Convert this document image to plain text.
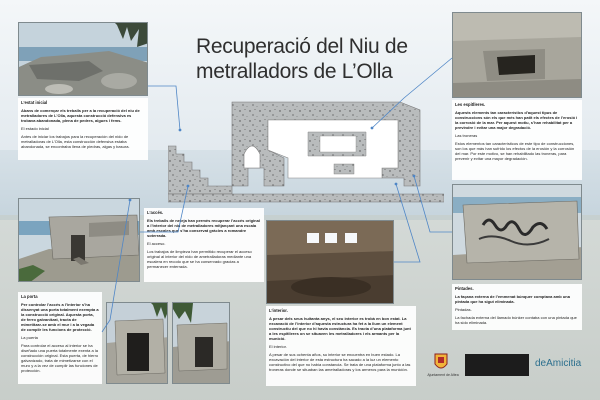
Recuperació del Niu de
metralladors de L’Olla
L’estat inicial

Abans de començar els treballs per a la recuperació del niu de metralladores de L’Olla, aquesta construcció defensiva es trobava abandonada, plena de pedres, algues i fems.

El estado inicial

Antes de iniciar los trabajos para la recuperación del nido de metralladoras de L’Olla, esta construcción defensiva estaba abandonada, se encontraba llena de piedras, algas y basura.

L’accés.

Els treballs de neteja han permès recuperar l’accés original a l’interior del niu de metralladores mitjançant una escala amb escales que s’ha conservat gràcies a romandre soterrada.

El acceso.

Los trabajos de limpieza han permitido recuperar el acceso original al interior del nido de ametralladoras mediante una escalera en recodo que se ha conservado gracias a permanecer enterrada.

La porta

Per controlar l’accés a l’interior s’ha dissenyat una porta totalment exempta a la construcció original. Aquesta porta, de ferro galvanitzat, tracta de mimetitzar-se amb el mur i a la vegada de complir les funcions de protecció.

La puerta

Para controlar el acceso al interior se ha diseñado una puerta totalmente exenta a la construcción original. Esta puerta, de hierro galvanizado, trata de mimetizarse con el muro y a la vez de cumplir las funciones de protección.

L’interior.

A pesar dels seus huitanta anys, el seu interior es trobà en bon estat. La excavació de l’interior d’aquesta estructura ha fet a la llum un element constructiu del que no hi havia constància. Es tracta d’una plataforma junt a les espitlleres on se situaven les metralladores i els armants per la munició.

El interior.

A pesar de sus ochenta años, su interior se encuentra en buen estado. La excavación del interior de esta estructura ha sacado a la luz un elemento constructivo del que no había constancia. Se trata de una plataforma junto a las troneras donde se situaban las ametralladoras y los armeros para la munición.

Les espitlleres.

Aquests elements tan característics d’aquest tipus de construccions són els que més han patit els efectes de l’erosió i la corrosió de la mar. Per aquest motiu, s’han rehabilitat per a previndre i evitar una major degradació.

Las troneras

Estos elementos tan característicos de este tipo de construcciones, son los que más han sufrido los efectos de la erosión y la corrosión del mar. Por este motivo, se han rehabilitado las troneras, para prevenir y evitar una mayor degradación.

Pintades.

La façana externa de l’emmenat búnquer comptava amb una pintada que ha sigut eliminada.

Pintadas.

La fachada externa del llamado búnker contaba con una pintada que ha sido eliminada.

Ajuntament de Altea
deAmicitia
